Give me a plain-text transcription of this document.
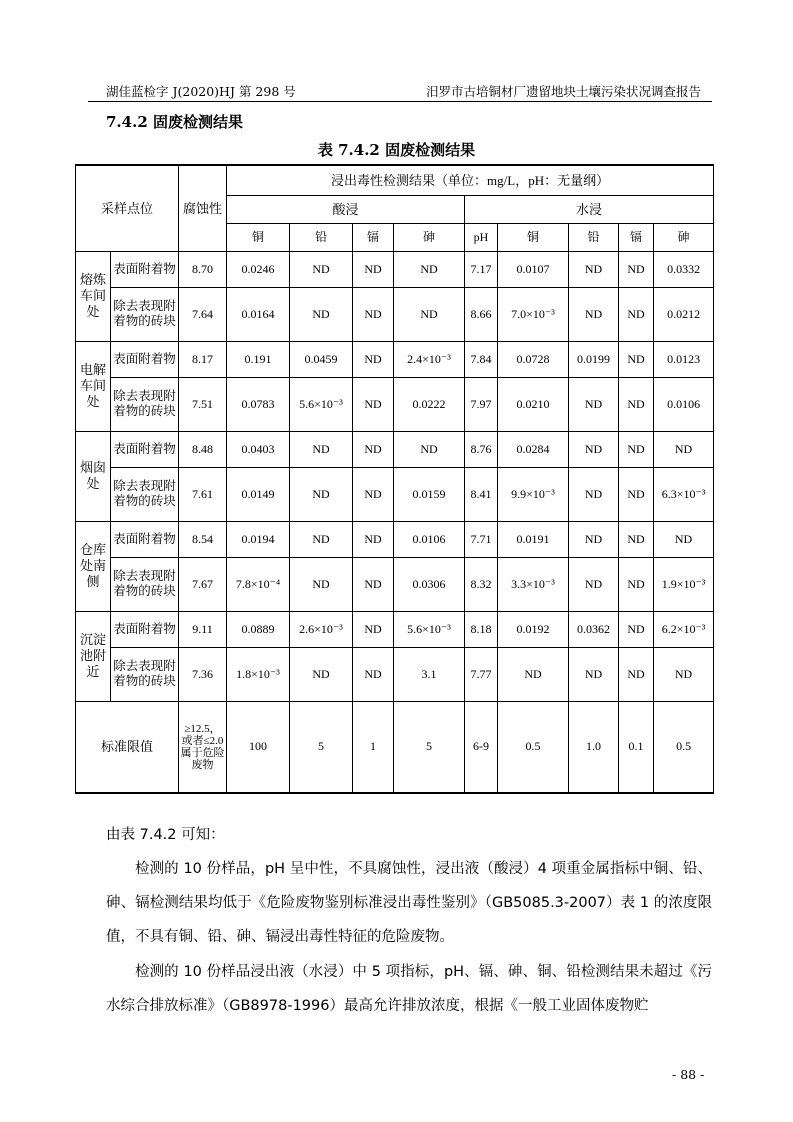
湖佳蓝检字 J(2020)HJ 第 298 号	汨罗市古培铜材厂遗留地块土壤污染状况调查报告
7.4.2 固废检测结果
表 7.4.2 固废检测结果
采样点位		腐蚀性	浸出毒性检测结果（单位：mg/L，pH：无量纲）								
			酸浸				水浸				
			铜	铅	镉	砷	pH	铜	铅	镉	砷
熔炼车间处	表面附着物	8.70	0.0246	ND	ND	ND	7.17	0.0107	ND	ND	0.0332
	除去表现附着物的砖块	7.64	0.0164	ND	ND	ND	8.66	7.0×10⁻³	ND	ND	0.0212
电解车间处	表面附着物	8.17	0.191	0.0459	ND	2.4×10⁻³	7.84	0.0728	0.0199	ND	0.0123
	除去表现附着物的砖块	7.51	0.0783	5.6×10⁻³	ND	0.0222	7.97	0.0210	ND	ND	0.0106
烟囱处	表面附着物	8.48	0.0403	ND	ND	ND	8.76	0.0284	ND	ND	ND
	除去表现附着物的砖块	7.61	0.0149	ND	ND	0.0159	8.41	9.9×10⁻³	ND	ND	6.3×10⁻³
仓库处南侧	表面附着物	8.54	0.0194	ND	ND	0.0106	7.71	0.0191	ND	ND	ND
	除去表现附着物的砖块	7.67	7.8×10⁻⁴	ND	ND	0.0306	8.32	3.3×10⁻³	ND	ND	1.9×10⁻³
沉淀池附近	表面附着物	9.11	0.0889	2.6×10⁻³	ND	5.6×10⁻³	8.18	0.0192	0.0362	ND	6.2×10⁻³
	除去表现附着物的砖块	7.36	1.8×10⁻³	ND	ND	3.1	7.77	ND	ND	ND	ND
标准限值		≥12.5，或者≤2.0属于危险废物	100	5	1	5	6-9	0.5	1.0	0.1	0.5
由表 7.4.2 可知：
检测的 10 份样品，pH 呈中性，不具腐蚀性，浸出液（酸浸）4 项重金属指标中铜、铅、砷、镉检测结果均低于《危险废物鉴别标准浸出毒性鉴别》（GB5085.3-2007）表 1 的浓度限值，不具有铜、铅、砷、镉浸出毒性特征的危险废物。
检测的 10 份样品浸出液（水浸）中 5 项指标，pH、镉、砷、铜、铅检测结果未超过《污水综合排放标准》（GB8978-1996）最高允许排放浓度，根据《一般工业固体废物贮
- 88 -
